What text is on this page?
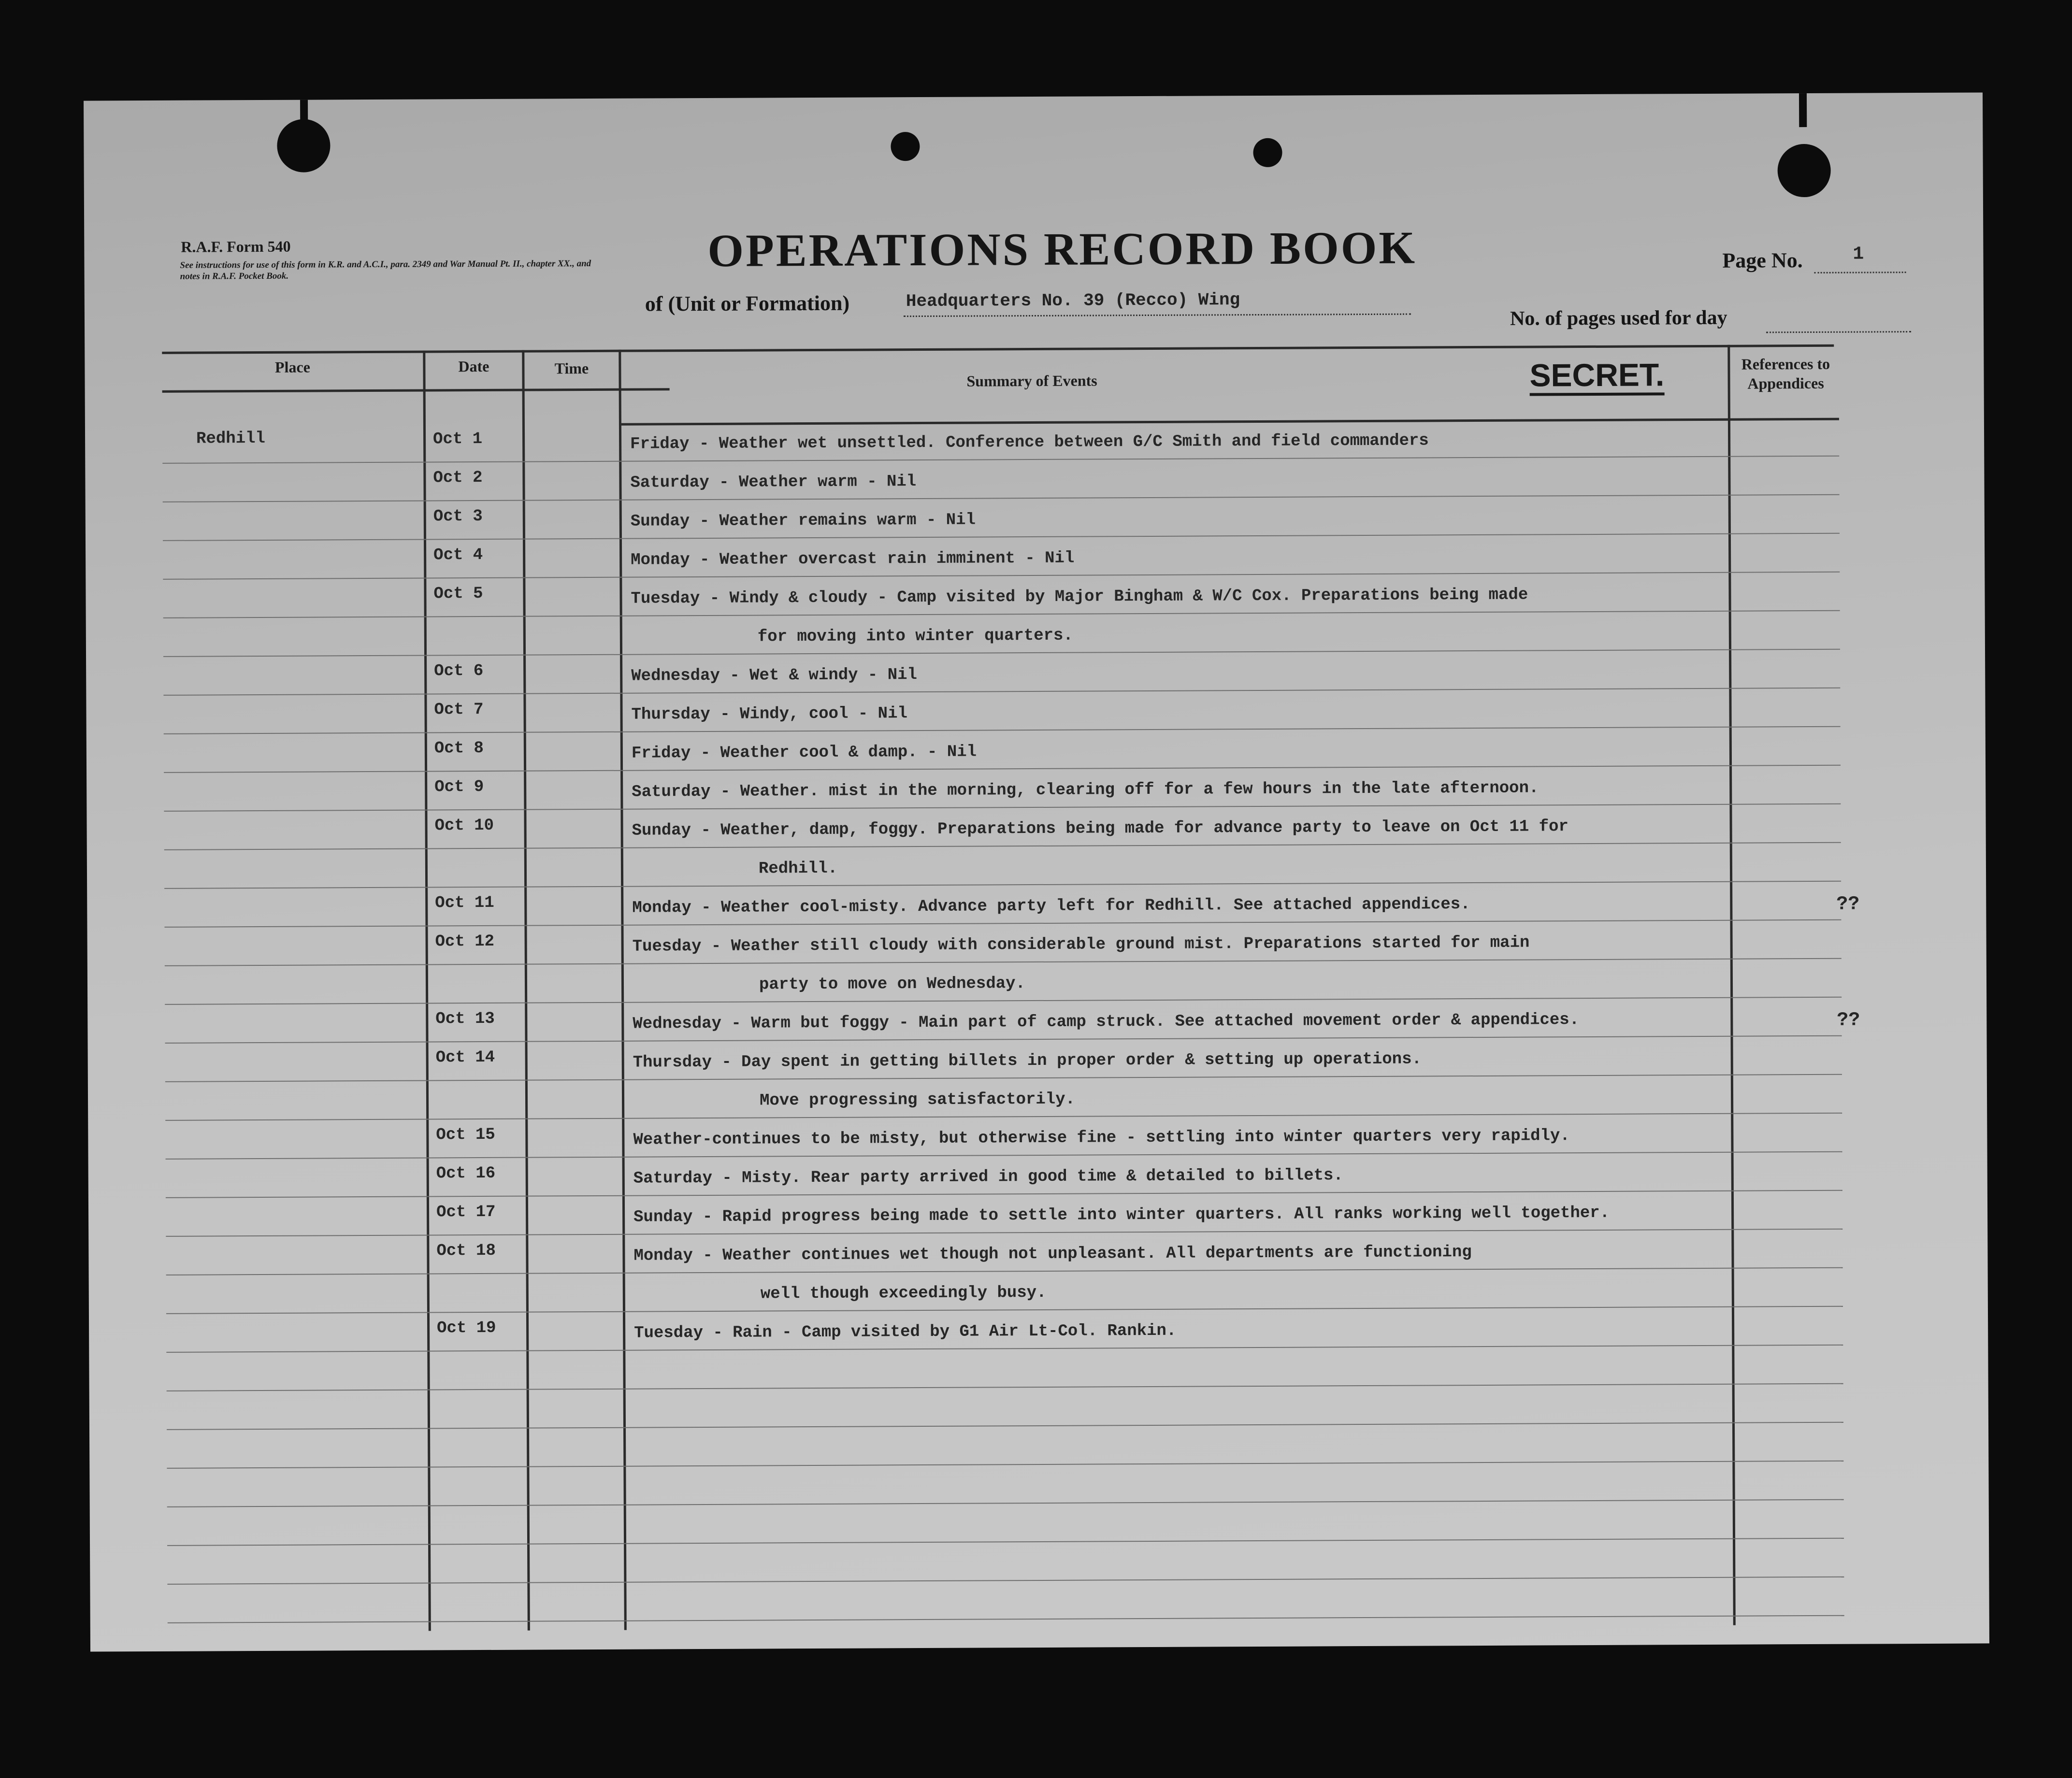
R.A.F. Form 540
See instructions for use of this form in K.R. and A.C.I., para. 2349 and War Manual Pt. II., chapter XX., and notes in R.A.F. Pocket Book.	OPERATIONS RECORD BOOK
of (Unit or Formation)	Headquarters No. 39 (Recco) Wing
Page No.	1
No. of pages used for day
Place	Date	Time
Summary of Events	SECRET.	References to Appendices
Redhill	Oct 1	Friday - Weather wet unsettled. Conference between G/C Smith and field commanders
Oct 2	Saturday - Weather warm - Nil
Oct 3	Sunday - Weather remains warm - Nil
Oct 4	Monday - Weather overcast rain imminent - Nil
Oct 5	Tuesday - Windy & cloudy - Camp visited by Major Bingham & W/C Cox. Preparations being made
for moving into winter quarters.
Oct 6	Wednesday - Wet & windy - Nil
Oct 7	Thursday - Windy, cool - Nil
Oct 8	Friday - Weather cool & damp. - Nil
Oct 9	Saturday - Weather. mist in the morning, clearing off for a few hours in the late afternoon.
Oct 10	Sunday - Weather, damp, foggy. Preparations being made for advance party to leave on Oct 11 for
Redhill.
Oct 11	Monday - Weather cool-misty. Advance party left for Redhill. See attached appendices.	??
Oct 12	Tuesday - Weather still cloudy with considerable ground mist. Preparations started for main
party to move on Wednesday.
Oct 13	Wednesday - Warm but foggy - Main part of camp struck. See attached movement order & appendices.	??
Oct 14	Thursday - Day spent in getting billets in proper order & setting up operations.
Move progressing satisfactorily.
Oct 15	Weather-continues to be misty, but otherwise fine - settling into winter quarters very rapidly.
Oct 16	Saturday - Misty. Rear party arrived in good time & detailed to billets.
Oct 17	Sunday - Rapid progress being made to settle into winter quarters. All ranks working well together.
Oct 18	Monday - Weather continues wet though not unpleasant. All departments are functioning
well though exceedingly busy.
Oct 19	Tuesday - Rain - Camp visited by G1 Air Lt-Col. Rankin.
